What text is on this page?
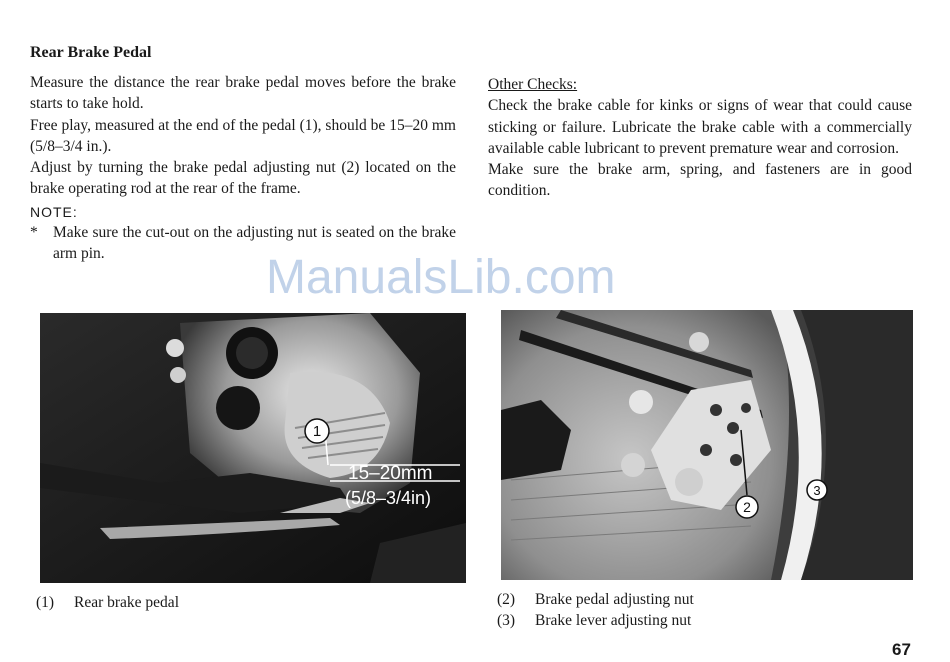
Rear Brake Pedal

Measure the distance the rear brake pedal moves before the brake starts to take hold.

Free play, measured at the end of the pedal (1), should be 15–20 mm (5/8–3/4 in.).

Adjust by turning the brake pedal adjusting nut (2) located on the brake operating rod at the rear of the frame.

NOTE:
* Make sure the cut-out on the adjusting nut is seated on the brake arm pin.

Other Checks:

Check the brake cable for kinks or signs of wear that could cause sticking or failure. Lubricate the brake cable with a commercially available cable lubricant to prevent premature wear and corrosion.

Make sure the brake arm, spring, and fasteners are in good condition.

ManualsLib.com
1
15–20mm
(5/8–3/4in)	2
3
(1) Rear brake pedal	(2) Brake pedal adjusting nut
(3) Brake lever adjusting nut
67
